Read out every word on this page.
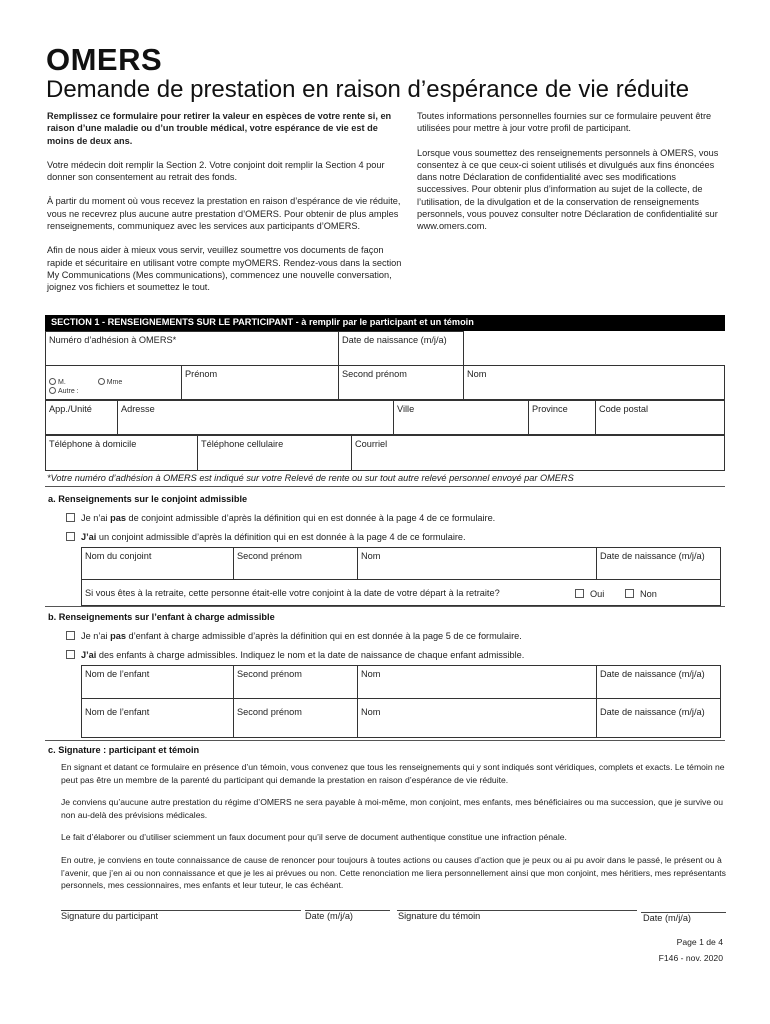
OMERS
Demande de prestation en raison d’espérance de vie réduite

Remplissez ce formulaire pour retirer la valeur en espèces de votre rente si, en raison d’une maladie ou d’un trouble médical, votre espérance de vie est de moins de deux ans.

Votre médecin doit remplir la Section 2. Votre conjoint doit remplir la Section 4 pour donner son consentement au retrait des fonds.

À partir du moment où vous recevez la prestation en raison d’espérance de vie réduite, vous ne recevrez plus aucune autre prestation d’OMERS. Pour obtenir de plus amples renseignements, communiquez avec les services aux participants d’OMERS.

Afin de nous aider à mieux vous servir, veuillez soumettre vos documents de façon rapide et sécuritaire en utilisant votre compte myOMERS. Rendez-vous dans la section My Communications (Mes communications), commencez une nouvelle conversation, joignez vos fichiers et soumettez le tout.

Toutes informations personnelles fournies sur ce formulaire peuvent être utilisées pour mettre à jour votre profil de participant.

Lorsque vous soumettez des renseignements personnels à OMERS, vous consentez à ce que ceux-ci soient utilisés et divulgués aux fins énoncées dans notre Déclaration de confidentialité avec ses modifications successives. Pour obtenir plus d’information au sujet de la collecte, de l’utilisation, de la divulgation et de la conservation de renseignements personnels, vous pouvez consulter notre Déclaration de confidentialité sur www.omers.com.

SECTION 1 - RENSEIGNEMENTS SUR LE PARTICIPANT - à remplir par le participant et un témoin
Numéro d’adhésion à OMERS*	Date de naissance (m/j/a)
M.	Mme
Autre :
Prénom	Second prénom	Nom
App./Unité	Adresse	Ville	Province	Code postal
Téléphone à domicile	Téléphone cellulaire	Courriel
*Votre numéro d’adhésion à OMERS est indiqué sur votre Relevé de rente ou sur tout autre relevé personnel envoyé par OMERS
a. Renseignements sur le conjoint admissible
Je n’ai pas de conjoint admissible d’après la définition qui en est donnée à la page 4 de ce formulaire.
J’ai un conjoint admissible d’après la définition qui en est donnée à la page 4 de ce formulaire.
Nom du conjoint	Second prénom	Nom	Date de naissance (m/j/a)
Si vous êtes à la retraite, cette personne était-elle votre conjoint à la date de votre départ à la retraite?	Oui	Non
b. Renseignements sur l’enfant à charge admissible
Je n’ai pas d’enfant à charge admissible d’après la définition qui en est donnée à la page 5 de ce formulaire.
J’ai des enfants à charge admissibles. Indiquez le nom et la date de naissance de chaque enfant admissible.
Nom de l’enfant	Second prénom	Nom	Date de naissance (m/j/a)
Nom de l’enfant	Second prénom	Nom	Date de naissance (m/j/a)
c. Signature : participant et témoin
En signant et datant ce formulaire en présence d’un témoin, vous convenez que tous les renseignements qui y sont indiqués sont véridiques, complets et exacts. Le témoin ne peut pas être un membre de la parenté du participant qui demande la prestation en raison d’espérance de vie réduite.
Je conviens qu’aucune autre prestation du régime d’OMERS ne sera payable à moi-même, mon conjoint, mes enfants, mes bénéficiaires ou ma succession, que je survive ou non au-delà des prévisions médicales.
Le fait d’élaborer ou d’utiliser sciemment un faux document pour qu’il serve de document authentique constitue une infraction pénale.
En outre, je conviens en toute connaissance de cause de renoncer pour toujours à toutes actions ou causes d’action que je peux ou ai pu avoir dans le passé, le présent ou à l’avenir, que j’en ai ou non connaissance et que je les ai prévues ou non. Cette renonciation me liera personnellement ainsi que mon conjoint, mes héritiers, mes représentants personnels, mes cessionnaires, mes enfants et leur tuteur, le cas échéant.
Signature du participant	Date (m/j/a)	Signature du témoin	Date (m/j/a)
Page 1 de 4
F146 - nov. 2020
